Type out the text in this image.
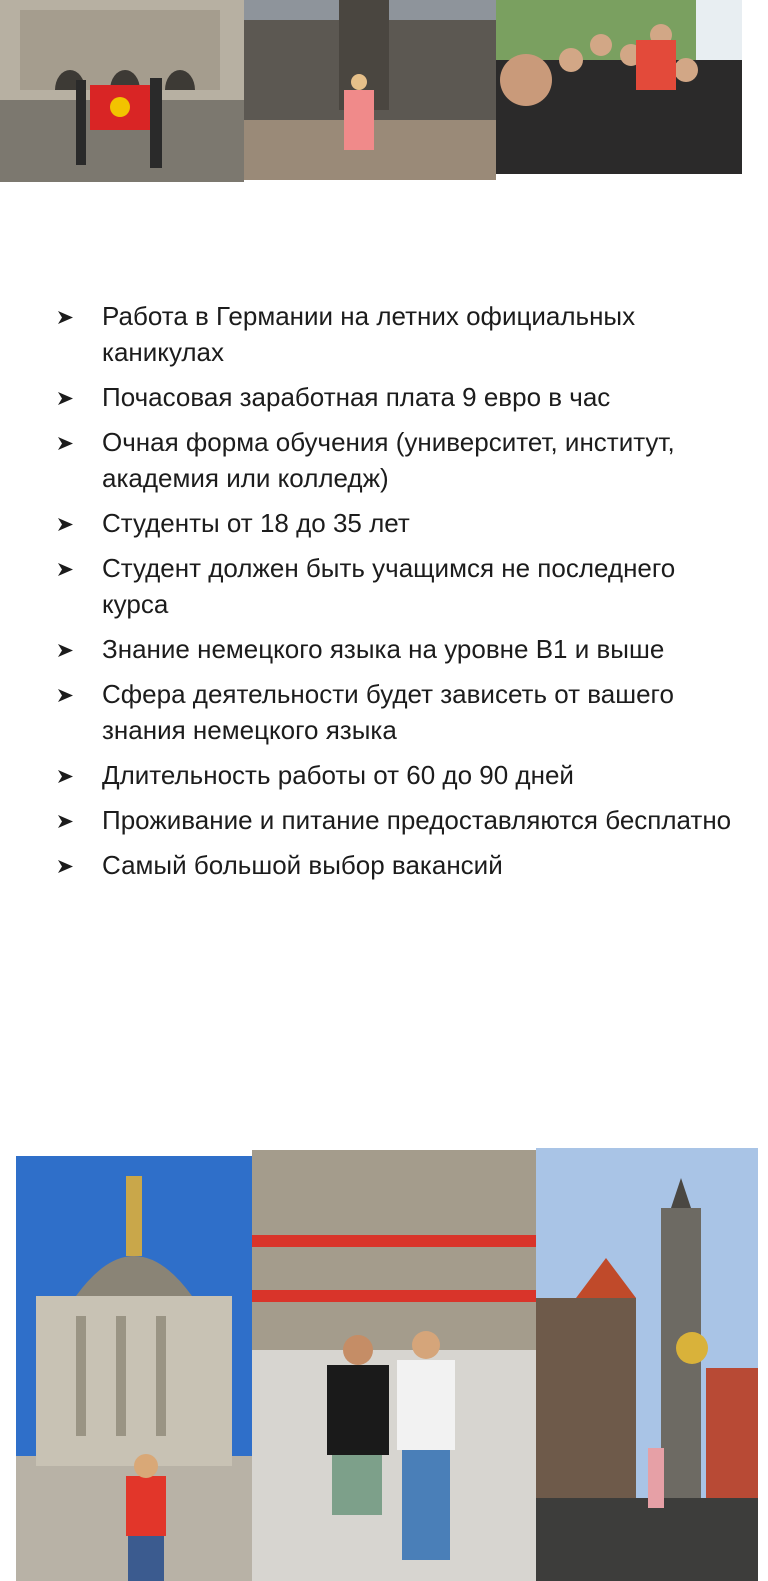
Работа в Германии на летних официальных каникулах
Почасовая заработная плата 9 евро в час
Очная форма обучения (университет, институт, академия или колледж)
Студенты от 18 до 35 лет
Студент должен быть учащимся не последнего курса
Знание немецкого языка на уровне В1 и выше
Сфера деятельности будет зависеть от вашего знания немецкого языка
Длительность работы от 60 до 90 дней
Проживание и питание предоставляются бесплатно
Самый большой выбор вакансий
